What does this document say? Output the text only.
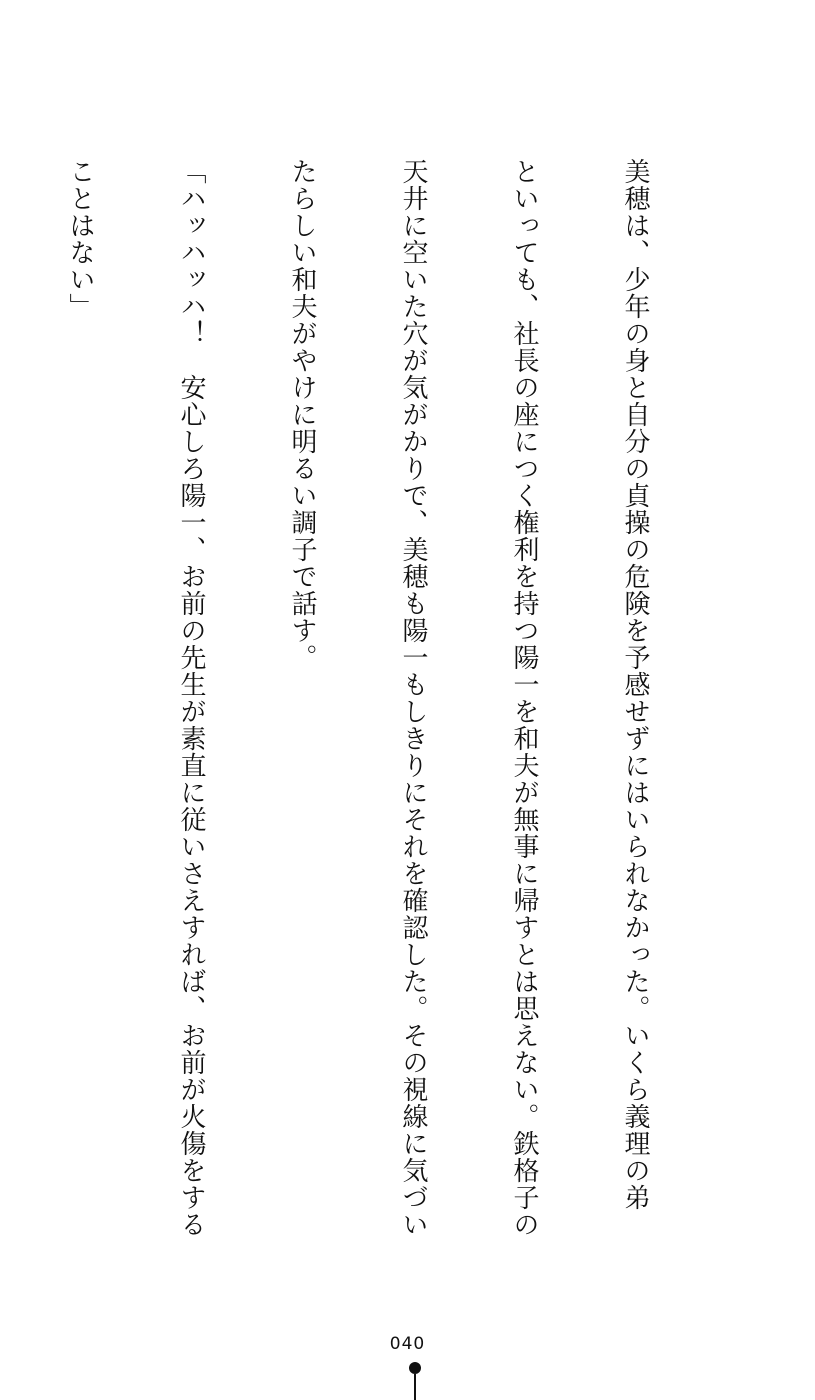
美穂は、少年の身と自分の貞操の危険を予感せずにはいられなかった。いくら義理の弟

といっても、社長の座につく権利を持つ陽一を和夫が無事に帰すとは思えない。鉄格子の

天井に空いた穴が気がかりで、美穂も陽一もしきりにそれを確認した。その視線に気づい

たらしい和夫がやけに明るい調子で話す。

「ハッハッハ！　安心しろ陽一、お前の先生が素直に従いさえすれば、お前が火傷をする

ことはない」

040
